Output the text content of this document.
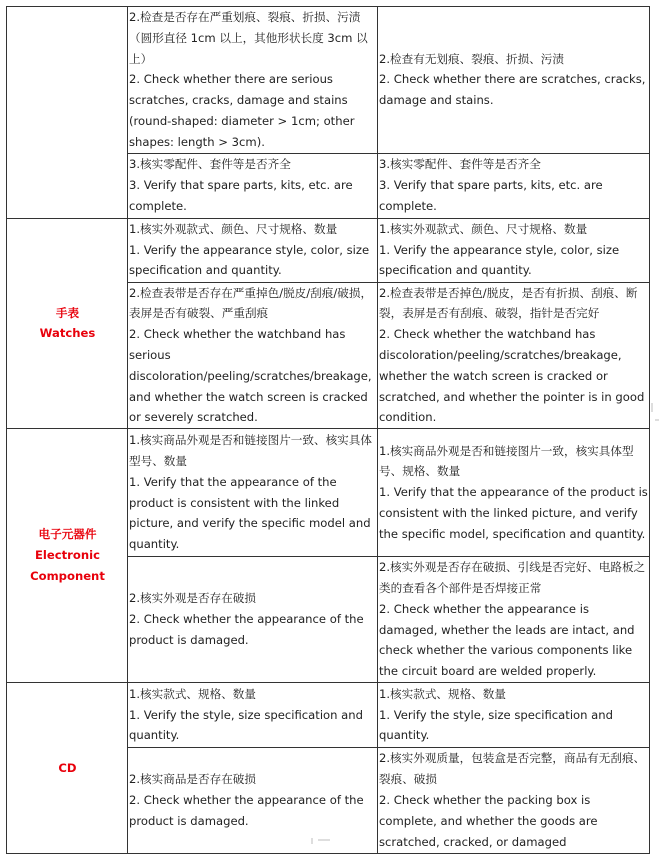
	2.检查是否存在严重划痕、裂痕、折损、污渍（圆形直径 1cm 以上，其他形状长度 3cm 以上）
2. Check whether there are serious scratches, cracks, damage and stains (round-shaped: diameter > 1cm; other shapes: length > 3cm).	2.检查有无划痕、裂痕、折损、污渍
2. Check whether there are scratches, cracks, damage and stains.

	3.核实零配件、套件等是否齐全
3. Verify that spare parts, kits, etc. are complete.	3.核实零配件、套件等是否齐全
3. Verify that spare parts, kits, etc. are complete.

手表
Watches	1.核实外观款式、颜色、尺寸规格、数量
1. Verify the appearance style, color, size specification and quantity.	1.核实外观款式、颜色、尺寸规格、数量
1. Verify the appearance style, color, size specification and quantity.

	2.检查表带是否存在严重掉色/脱皮/刮痕/破损，表屏是否有破裂、严重刮痕
2. Check whether the watchband has serious discoloration/peeling/scratches/breakage, and whether the watch screen is cracked or severely scratched.	2.检查表带是否掉色/脱皮，是否有折损、刮痕、断裂，表屏是否有刮痕、破裂，指针是否完好
2. Check whether the watchband has discoloration/peeling/scratches/breakage, whether the watch screen is cracked or scratched, and whether the pointer is in good condition.

电子元器件
Electronic
Component	1.核实商品外观是否和链接图片一致、核实具体型号、数量
1. Verify that the appearance of the product is consistent with the linked picture, and verify the specific model and quantity.	1.核实商品外观是否和链接图片一致，核实具体型号、规格、数量
1. Verify that the appearance of the product is consistent with the linked picture, and verify the specific model, specification and quantity.

	2.核实外观是否存在破损
2. Check whether the appearance of the product is damaged.	2.核实外观是否存在破损、引线是否完好、电路板之类的查看各个部件是否焊接正常
2. Check whether the appearance is damaged, whether the leads are intact, and check whether the various components like the circuit board are welded properly.

CD	1.核实款式、规格、数量
1. Verify the style, size specification and quantity.	1.核实款式、规格、数量
1. Verify the style, size specification and quantity.

	2.核实商品是否存在破损
2. Check whether the appearance of the product is damaged.	2.核实外观质量，包装盒是否完整，商品有无刮痕、裂痕、破损
2. Check whether the packing box is complete, and whether the goods are scratched, cracked, or damaged
